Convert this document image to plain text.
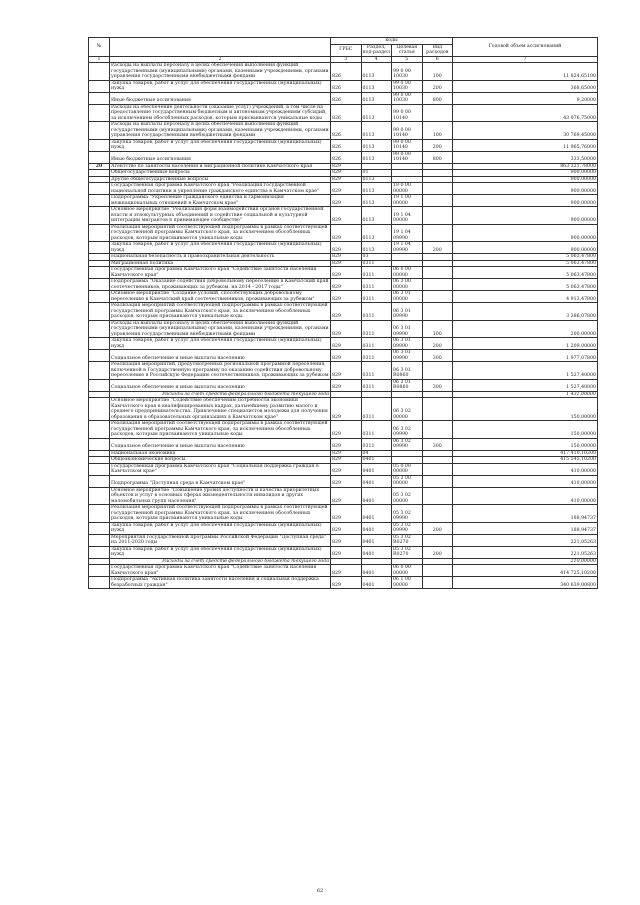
№		коды				Годовой объем ассигнований
		ГРБС	Раздел, под-раздел	Целевая статья	Вид расходов	
1	2	3	4	5	6	7
	Расходы на выплаты персоналу в целях обеспечения выполнения функций государственными (муниципальными) органами, казенными учреждениями, органами управления государственными внебюджетными фондами	826	0113	99 0 00 10030	100	11 824,65100
	Закупка товаров, работ и услуг для обеспечения государственных (муниципальных) нужд	826	0113	99 0 00 10030	200	368,65000
	Иные бюджетные ассигнования	826	0113	99 0 00 10030	800	9,20000
	Расходы на обеспечение деятельности (оказание услуг) учреждений, в том числе на предоставление государственным бюджетным и автономным учреждениям субсидий, за исключением обособленных расходов, которым присваиваются уникальные коды	826	0113	99 0 00 10140		43 076,75000
	Расходы на выплаты персоналу в целях обеспечения выполнения функций государственными (муниципальными) органами, казенными учреждениями, органами управления государственными внебюджетными фондами	826	0113	99 0 00 10140	100	30 769,45000
	Закупка товаров, работ и услуг для обеспечения государственных (муниципальных) нужд	826	0113	99 0 00 10140	200	11 965,76000
	Иные бюджетные ассигнования	826	0113	99 0 00 10140	800	333,50000
20	Агентство по занятости населения и миграционной политике Камчатского края	829				863 321,78000
	Общегосударственные вопросы	829	01			900,00000
	Другие общегосударственные вопросы	829	0113			900,00000
	Государственная программа Камчатского края "Реализация государственной национальной политики и укрепление гражданского единства в Камчатском крае"	829	0113	19 0 00 00000		900,00000
	Подпрограмма "Укрепление гражданского единства и гармонизация межнациональных отношений в Камчатском крае"	829	0113	19 1 00 00000		900,00000
	Основное мероприятие "Реализация форм взаимодействия органов государственной власти и этнокультурных объединений и содействие социальной и культурной интеграции мигрантов в принимающее сообщество"	829	0113	19 1 04 00000		900,00000
	Реализация мероприятий соответствующей подпрограммы в рамках соответствующей государственной программы Камчатского края, за исключением обособленных расходов, которым присваиваются уникальные коды	829	0113	19 1 04 09990		900,00000
	Закупка товаров, работ и услуг для обеспечения государственных (муниципальных) нужд	829	0113	19 1 04 09990	200	900,00000
	Национальная безопасность и правоохранительная деятельность	829	03			5 063,47800
	Миграционная политика	829	0311			5 063,47800
	Государственная программа Камчатского края "Содействие занятости населения Камчатского края"	829	0311	06 0 00 00000		5 063,47800
	Подпрограмма "Оказание содействия добровольному переселению в Камчатский край соотечественников, проживающих за рубежом, на 2014 - 2017 годы"	829	0311	06 3 00 00000		5 063,47800
	Основное мероприятие "Создание условий, способствующих добровольному переселению в Камчатский край соотечественников, проживающих за рубежом"	829	0311	06 3 01 00000		4 913,47800
	Реализация мероприятий соответствующей подпрограммы в рамках соответствующей государственной программы Камчатского края, за исключением обособленных расходов, которым присваиваются уникальные коды	829	0311	06 3 01 09990		3 386,07800
	Расходы на выплаты персоналу в целях обеспечения выполнения функций государственными (муниципальными) органами, казенными учреждениями, органами управления государственными внебюджетными фондами	829	0311	06 3 01 09990	100	200,00000
	Закупка товаров, работ и услуг для обеспечения государственных (муниципальных) нужд	829	0311	06 3 01 09990	200	1 209,00000
	Социальное обеспечение и иные выплаты населению	829	0311	06 3 01 09990	300	1 977,07800
	Реализация мероприятий, предусмотренных региональной программой переселения, включенной в Государственную программу по оказанию содействия добровольному переселению в Российскую Федерацию соотечественников, проживающих за рубежом	829	0311	06 3 01 R0860		1 527,40000
	Социальное обеспечение и иные выплаты населению	829	0311	06 3 01 R0860	300	1 527,40000
	Расходы за счет средств федерального бюджета текущего года					1 431,00000
	Основное мероприятие "Содействие обеспечению потребности экономики Камчатского края в квалифицированных кадрах, дальнейшему развитию малого и среднего предпринимательства. Привлечение специалистов молодежи для получения образования в образовательных организациях в Камчатском крае"	829	0311	06 3 02 00000		150,00000
	Реализация мероприятий соответствующей подпрограммы в рамках соответствующей государственной программы Камчатского края, за исключением обособленных расходов, которым присваиваются уникальные коды	829	0311	06 3 02 09990		150,00000
	Социальное обеспечение и иные выплаты населению	829	0311	06 3 02 09990	300	150,00000
	Национальная экономика	829	04			417 410,10200
	Общеэкономические вопросы	829	0401			415 545,10200
	Государственная программа Камчатского края "Социальная поддержка граждан в Камчатском крае"	829	0401	05 0 00 00000		410,00000
	Подпрограмма "Доступная среда в Камчатском крае"	829	0401	05 3 00 00000		410,00000
	Основное мероприятие "Повышение уровня доступности и качества приоритетных объектов и услуг в основных сферах жизнедеятельности инвалидов и других маломобильных групп населения"	829	0401	05 3 02 00000		410,00000
	Реализация мероприятий соответствующей подпрограммы в рамках соответствующей государственной программы Камчатского края, за исключением обособленных расходов, которым присваиваются уникальные коды	829	0401	05 3 02 09990		188,94737
	Закупка товаров, работ и услуг для обеспечения государственных (муниципальных) нужд	829	0401	05 3 02 09990	200	188,94737
	Мероприятия государственной программы Российской Федерации "Доступная среда" на 2011-2020 годы	829	0401	05 3 02 R0270		221,05263
	Закупка товаров, работ и услуг для обеспечения государственных (муниципальных) нужд	829	0401	05 3 02 R0270	200	221,05263
	Расходы за счет средств федерального бюджета текущего года					210,00000
	Государственная программа Камчатского края "Содействие занятости населения Камчатского края"	829	0401	06 0 00 00000		414 725,10200
	Подпрограмма "Активная политика занятости населения и социальная поддержка безработных граждан"	829	0401	06 1 00 00000		340 639,00800
62
